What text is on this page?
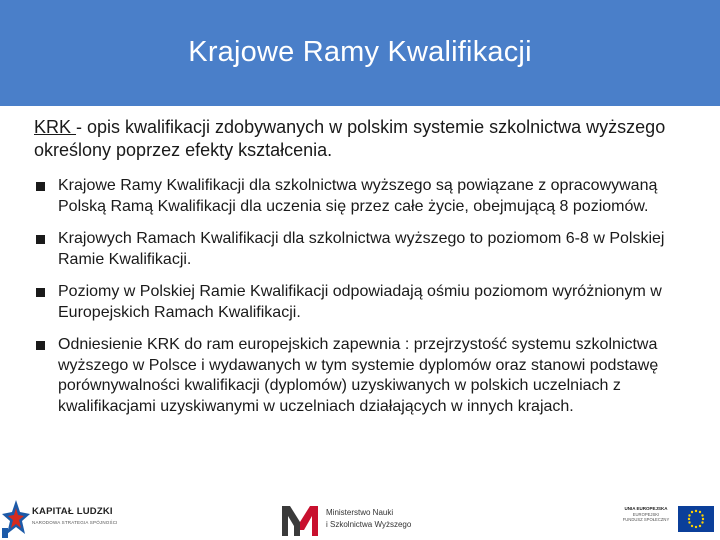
Krajowe Ramy Kwalifikacji

KRK - opis kwalifikacji zdobywanych w polskim systemie szkolnictwa wyższego określony poprzez efekty kształcenia.

Krajowe Ramy Kwalifikacji dla szkolnictwa wyższego są powiązane z opracowywaną Polską Ramą Kwalifikacji dla uczenia się przez całe życie, obejmującą 8 poziomów.
Krajowych Ramach Kwalifikacji dla szkolnictwa wyższego to poziomom 6-8 w Polskiej Ramie Kwalifikacji.
Poziomy w Polskiej Ramie Kwalifikacji odpowiadają ośmiu poziomom wyróżnionym w Europejskich Ramach Kwalifikacji.
Odniesienie KRK do ram europejskich zapewnia : przejrzystość systemu szkolnictwa wyższego w Polsce i wydawanych w tym systemie dyplomów oraz stanowi podstawę porównywalności kwalifikacji (dyplomów) uzyskiwanych w polskich uczelniach z kwalifikacjami uzyskiwanymi w uczelniach działających w innych krajach.
KAPITAŁ LUDZKI
NARODOWA STRATEGIA SPÓJNOŚCI
Ministerstwo Nauki
i Szkolnictwa Wyższego
UNIA EUROPEJSKA
EUROPEJSKI
FUNDUSZ SPOŁECZNY
